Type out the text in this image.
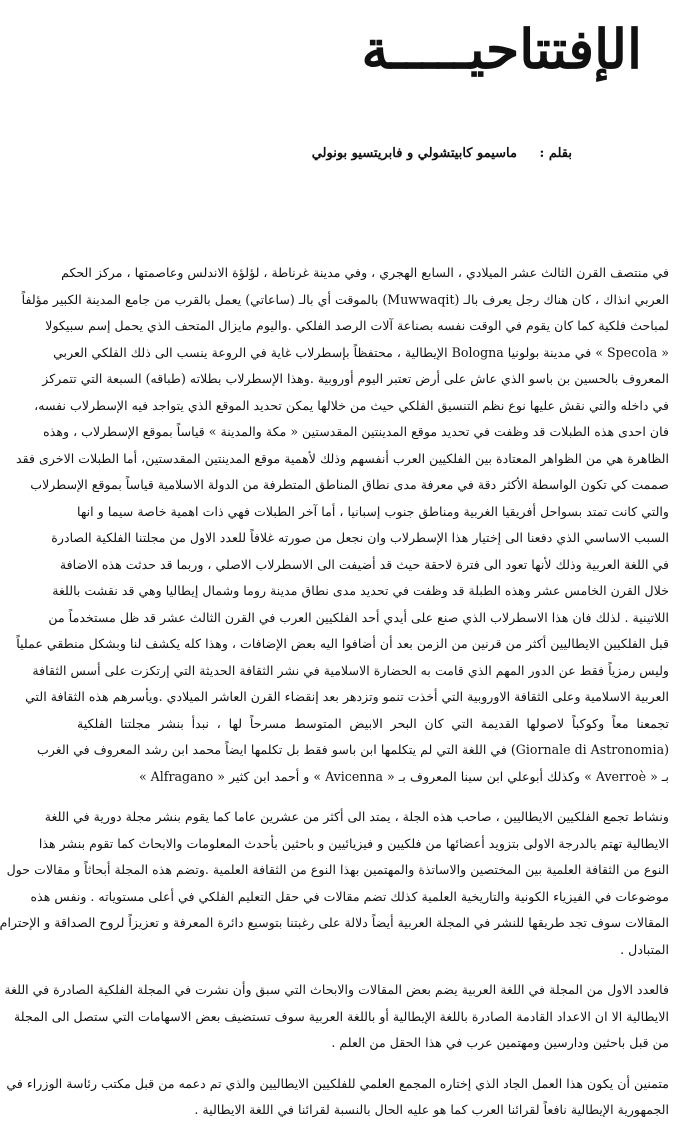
الإفتتاحيـــــة
بقلم : ماسيمو كابيتشولي و فابريتسيو بونولي
في منتصف القرن الثالث عشر الميلادي ، السابع الهجري ، وفي مدينة غرناطة ، لؤلؤة الاندلس وعاصمتها ، مركز الحكم
العربي انذاك ، كان هناك رجل يعرف بالـ (Muwwaqit) بالموقت أي بالـ (ساعاتي) يعمل بالقرب من جامع المدينة الكبير مؤلفاً
لمباحث فلكية كما كان يقوم في الوقت نفسه بصناعة آلات الرصد الفلكي .واليوم مايزال المتحف الذي يحمل إسم سبيكولا
« Specola » في مدينة بولونيا Bologna الإيطالية ، محتفظاً بإسطرلاب غاية في الروعة ينسب الى ذلك الفلكي العربي
المعروف بالحسين بن باسو الذي عاش على أرض تعتبر اليوم أوروبية .وهذا الإسطرلاب بطلاته (طباقه) السبعة التي تتمركز
في داخله والتي نقش عليها نوع نظم التنسيق الفلكي حيث من خلالها يمكن تحديد الموقع الذي يتواجد فيه الإسطرلاب نفسه،
فان احدى هذه الطبلات قد وظفت في تحديد موقع المدينتين المقدستين « مكة والمدينة » قياساً بموقع الإسطرلاب ، وهذه
الظاهرة هي من الظواهر المعتادة بين الفلكيين العرب أنفسهم وذلك لأهمية موقع المدينتين المقدستين، أما الطبلات الاخرى فقد
صممت كي تكون الواسطة الأكثر دقة في معرفة مدى نطاق المناطق المتطرفة من الدولة الاسلامية قياساً بموقع الإسطرلاب
والتي كانت تمتد بسواحل أفريقيا الغربية ومناطق جنوب إسبانيا ، أما آخر الطبلات فهي ذات اهمية خاصة سيما و انها
السبب الاساسي الذي دفعنا الى إختيار هذا الإسطرلاب وان نجعل من صورته غلافاً للعدد الاول من مجلتنا الفلكية الصادرة
في اللغة العربية وذلك لأنها تعود الى فترة لاحقة حيث قد أضيفت الى الاسطرلاب الاصلي ، وربما قد حدثت هذه الاضافة
خلال القرن الخامس عشر وهذه الطبلة قد وظفت في تحديد مدى نطاق مدينة روما وشمال إيطاليا وهي قد نقشت باللغة
اللاتينية . لذلك فان هذا الاسطرلاب الذي صنع على أيدي أحد الفلكيين العرب في القرن الثالث عشر قد ظل مستخدماً من
قبل الفلكيين الايطاليين أكثر من قرنين من الزمن بعد أن أضافوا اليه بعض الإضافات ، وهذا كله يكشف لنا وبشكل منطقي عملياً
وليس رمزياً فقط عن الدور المهم الذي قامت به الحضارة الاسلامية في نشر الثقافة الحديثة التي إرتكزت على أسس الثقافة
العربية الاسلامية وعلى الثقافة الاوروبية التي أخذت تنمو وتزدهر بعد إنقضاء القرن العاشر الميلادي .ويأسرهم هذه الثقافة التي
تجمعنا معاً وكوكباً لاصولها القديمة التي كان البحر الابيض المتوسط مسرحاً لها ، نبدأ بنشر مجلتنا الفلكية
(Giornale di Astronomia) في اللغة التي لم يتكلمها ابن باسو فقط بل تكلمها ايضاً محمد ابن رشد المعروف في الغرب
بـ « Averroè » وكذلك أبوعلي ابن سينا المعروف بـ « Avicenna » و أحمد ابن كثير « Alfragano »
ونشاط تجمع الفلكيين الايطاليين ، صاحب هذه الجلة ، يمتد الى أكثر من عشرين عاما كما يقوم بنشر مجلة دورية في اللغة
الايطالية تهتم بالدرجة الاولى بتزويد أعضائها من فلكيين و فيزيائيين و باحثين بأحدث المعلومات والابحاث كما تقوم بنشر هذا
النوع من الثقافة العلمية بين المختصين والاساتذة والمهتمين بهذا النوع من الثقافة العلمية .وتضم هذه المجلة أبحاثاً و مقالات حول
موضوعات في الفيزياء الكونية والتاريخية العلمية كذلك تضم مقالات في حقل التعليم الفلكي في أعلى مستوياته . ونفس هذه
المقالات سوف تجد طريقها للنشر في المجلة العربية أيضاً دلالة على رغبتنا بتوسيع دائرة المعرفة و تعزيزاً لروح الصداقة و الإحترام
المتبادل .
فالعدد الاول من المجلة في اللغة العربية يضم بعض المقالات والابحاث التي سبق وأن نشرت في المجلة الفلكية الصادرة في اللغة
الايطالية الا ان الاعداد القادمة الصادرة باللغة الإيطالية أو باللغة العربية سوف تستضيف بعض الاسهامات التي ستصل الى المجلة
من قبل باحثين ودارسين ومهتمين عرب في هذا الحقل من العلم .
متمنين أن يكون هذا العمل الجاد الذي إختاره المجمع العلمي للفلكيين الايطاليين والذي تم دعمه من قبل مكتب رئاسة الوزراء في
الجمهورية الإيطالية نافعاً لقرائنا العرب كما هو عليه الحال بالنسبة لقرائنا في اللغة الايطالية .
